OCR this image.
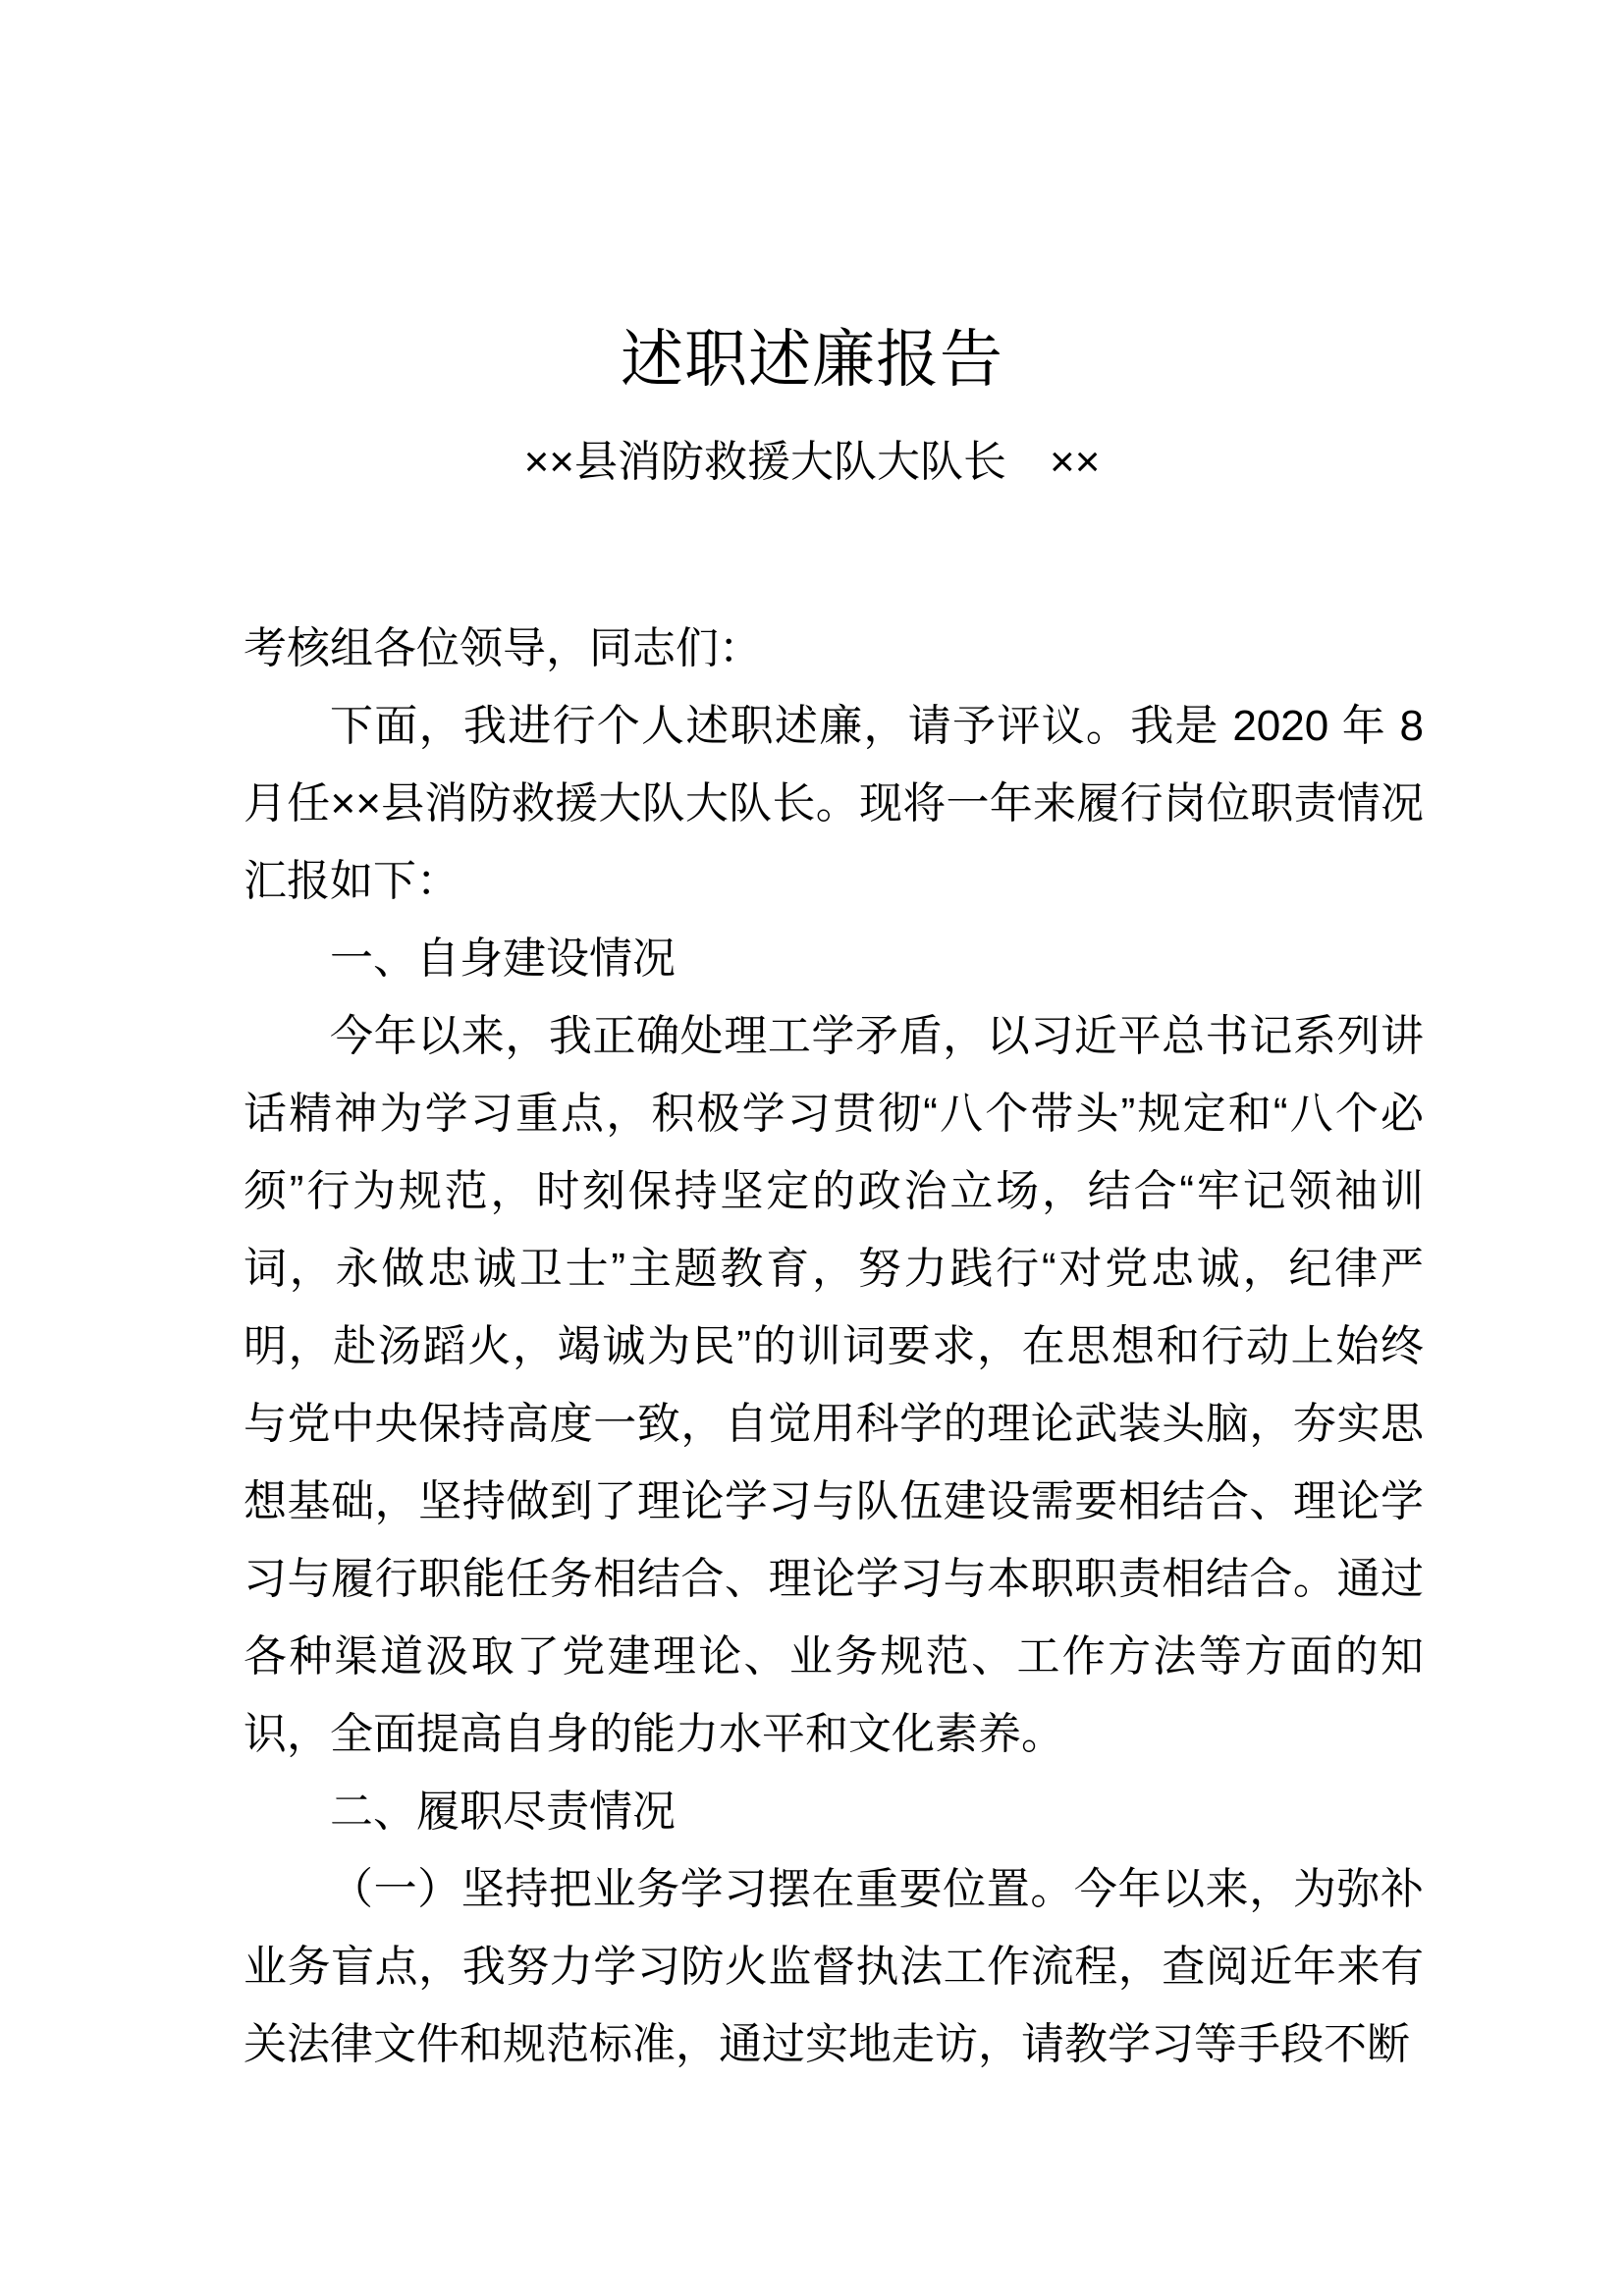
述职述廉报告
××县消防救援大队大队长　××

考核组各位领导，同志们：

下面，我进行个人述职述廉，请予评议。我是 2020 年 8 月任××县消防救援大队大队长。现将一年来履行岗位职责情况汇报如下：

一、自身建设情况

今年以来，我正确处理工学矛盾，以习近平总书记系列讲话精神为学习重点，积极学习贯彻“八个带头”规定和“八个必须”行为规范，时刻保持坚定的政治立场，结合“牢记领袖训词，永做忠诚卫士”主题教育，努力践行“对党忠诚，纪律严明，赴汤蹈火，竭诚为民”的训词要求，在思想和行动上始终与党中央保持高度一致，自觉用科学的理论武装头脑，夯实思想基础，坚持做到了理论学习与队伍建设需要相结合、理论学习与履行职能任务相结合、理论学习与本职职责相结合。通过各种渠道汲取了党建理论、业务规范、工作方法等方面的知识，全面提高自身的能力水平和文化素养。

二、履职尽责情况

（一）坚持把业务学习摆在重要位置。今年以来，为弥补业务盲点，我努力学习防火监督执法工作流程，查阅近年来有关法律文件和规范标准，通过实地走访，请教学习等手段不断
